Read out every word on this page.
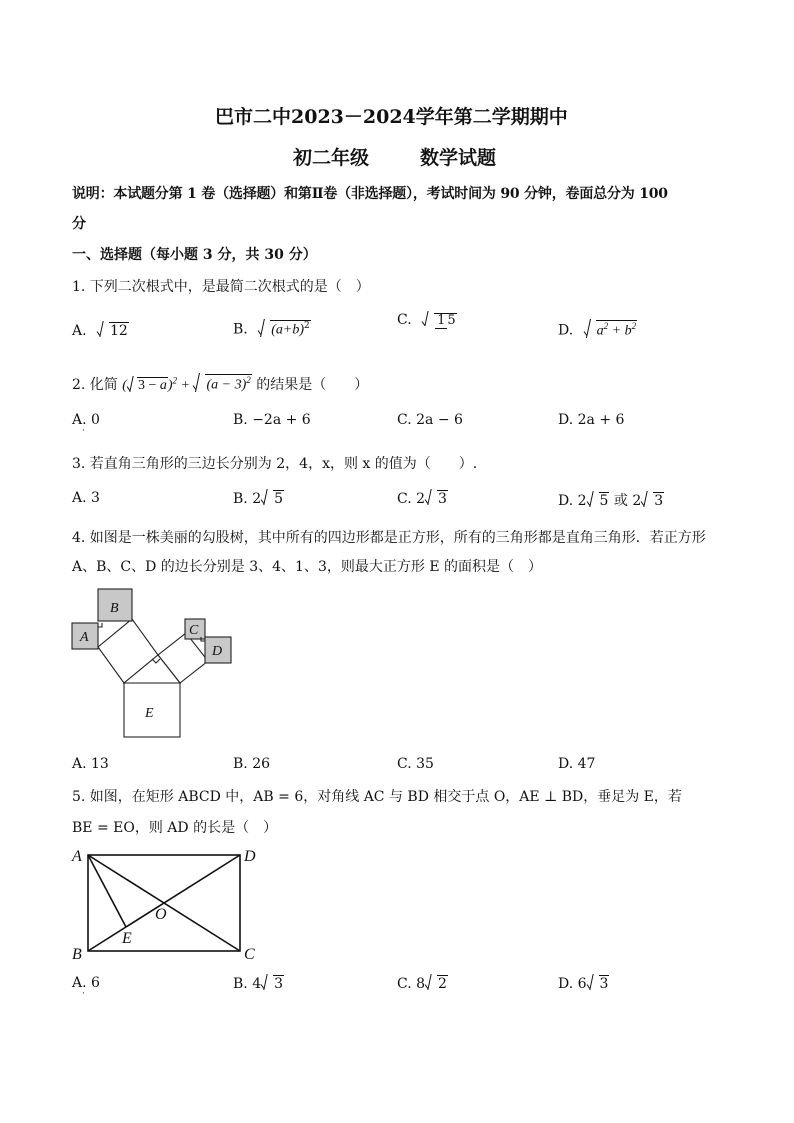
巴市二中2023－2024学年第二学期期中
初二年级	数学试题
说明：本试题分第 1 卷（选择题）和第Ⅱ卷（非选择题），考试时间为 90 分钟，卷面总分为 100
分
一、选择题（每小题 3 分，共 30 分）
1. 下列二次根式中，是最简二次根式的是（　）
A. 12	B. $(a+b)^2$	C. 1 5
D. $a^2 + b^2$
2. 化简 ( $3 - a)^2 + (a - 3)^2$ 的结果是（　　）
A. 0	B. −2a + 6	C. 2a − 6	D. 2a + 6
·
3. 若直角三角形的三边长分别为 2，4，x，则 x 的值为（　　）.
A. 3	B. 2 5	C. 2 3	D. 2 5 或 2 3
4. 如图是一株美丽的勾股树，其中所有的四边形都是正方形，所有的三角形都是直角三角形．若正方形
A、B、C、D 的边长分别是 3、4、1、3，则最大正方形 E 的面积是（　）
B
A	C
D
E
A. 13	B. 26	C. 35	D. 47
5. 如图，在矩形 ABCD 中，AB = 6，对角线 AC 与 BD 相交于点 O，AE ⊥ BD，垂足为 E，若
BE = EO，则 AD 的长是（　）
A	D
B	C
E
O
A. 6	B. 4 3	C. 8 2	D. 6 3
·
